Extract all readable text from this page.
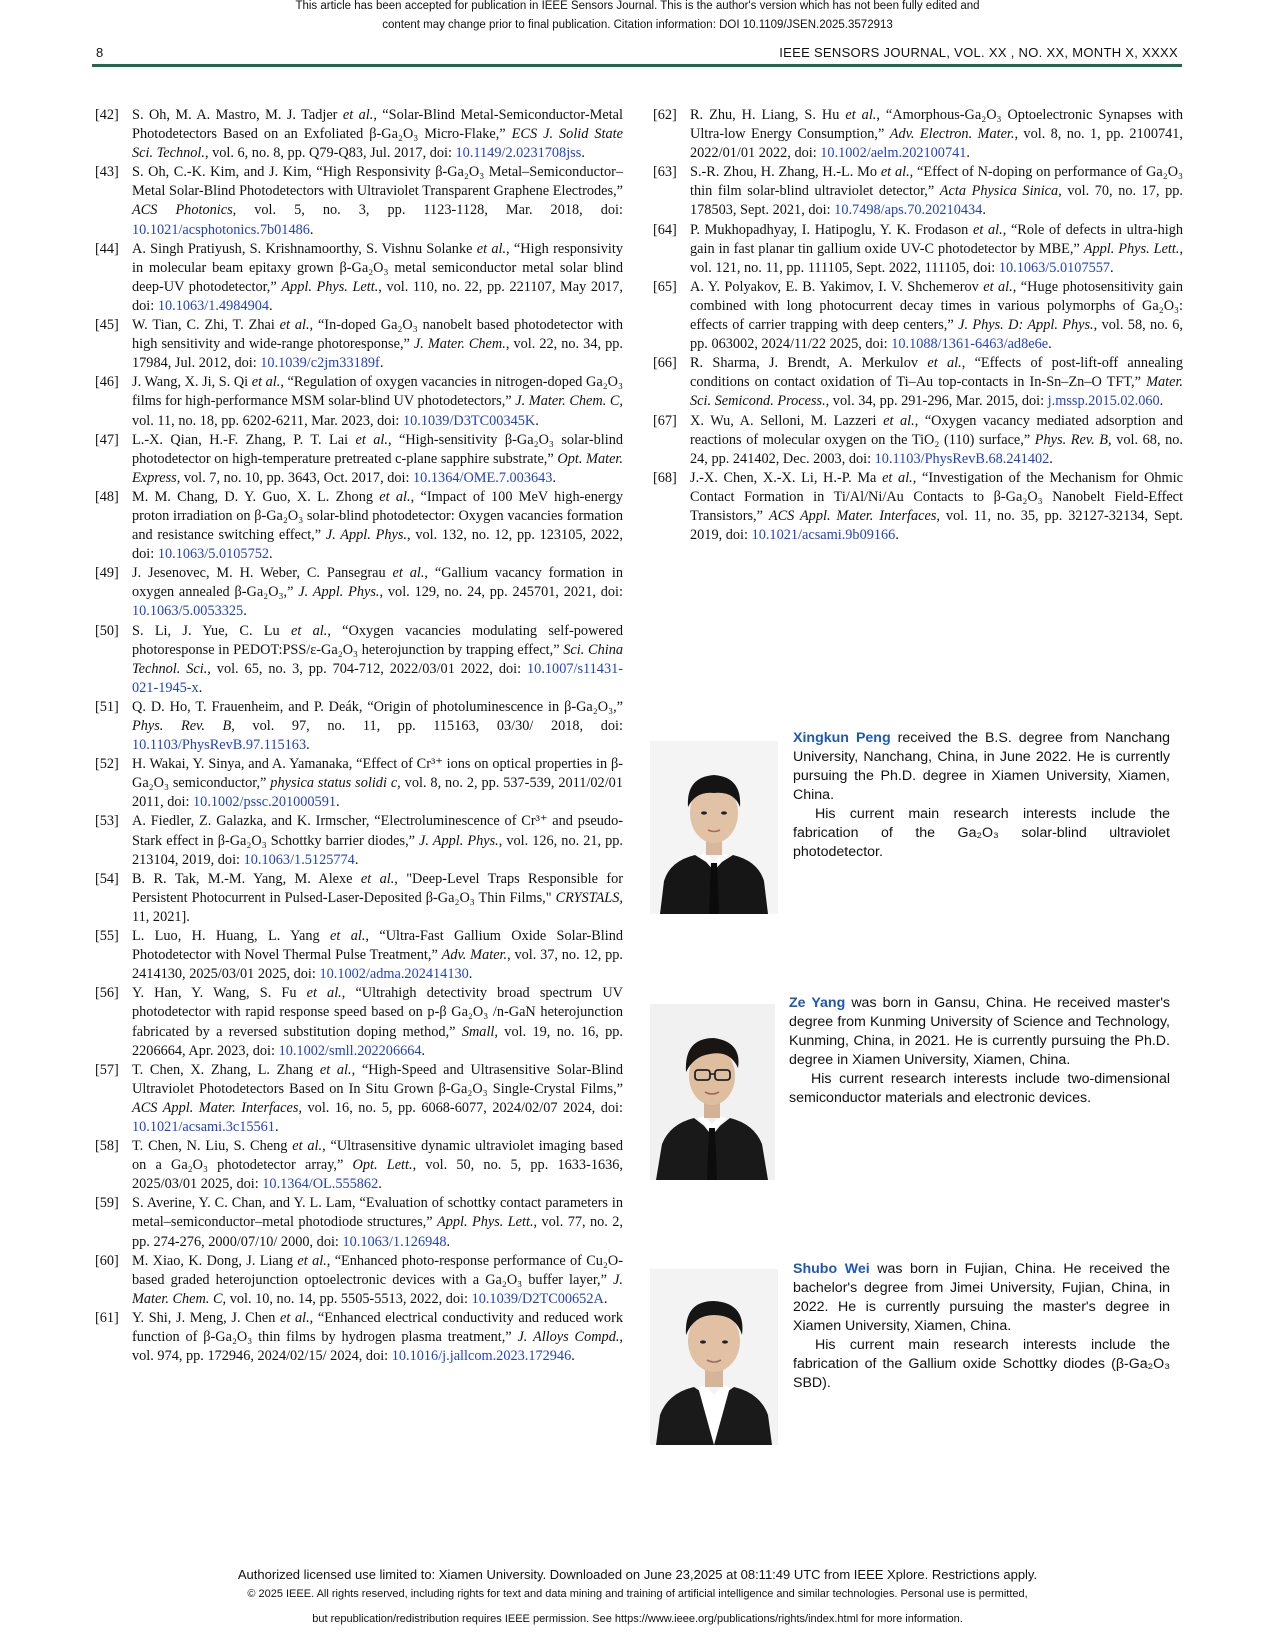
This article has been accepted for publication in IEEE Sensors Journal. This is the author's version which has not been fully edited and
content may change prior to final publication. Citation information: DOI 10.1109/JSEN.2025.3572913
8	IEEE SENSORS JOURNAL, VOL. XX , NO. XX, MONTH X, XXXX
[42] S. Oh, M. A. Mastro, M. J. Tadjer et al., “Solar-Blind Metal-Semiconductor-Metal Photodetectors Based on an Exfoliated β-Ga₂O₃ Micro-Flake,” ECS J. Solid State Sci. Technol., vol. 6, no. 8, pp. Q79-Q83, Jul. 2017, doi: 10.1149/2.0231708jss.
[43] S. Oh, C.-K. Kim, and J. Kim, “High Responsivity β-Ga₂O₃ Metal–Semiconductor–Metal Solar-Blind Photodetectors with Ultraviolet Transparent Graphene Electrodes,” ACS Photonics, vol. 5, no. 3, pp. 1123-1128, Mar. 2018, doi: 10.1021/acsphotonics.7b01486.
[44] A. Singh Pratiyush, S. Krishnamoorthy, S. Vishnu Solanke et al., “High responsivity in molecular beam epitaxy grown β-Ga₂O₃ metal semiconductor metal solar blind deep-UV photodetector,” Appl. Phys. Lett., vol. 110, no. 22, pp. 221107, May 2017, doi: 10.1063/1.4984904.
[45] W. Tian, C. Zhi, T. Zhai et al., “In-doped Ga₂O₃ nanobelt based photodetector with high sensitivity and wide-range photoresponse,” J. Mater. Chem., vol. 22, no. 34, pp. 17984, Jul. 2012, doi: 10.1039/c2jm33189f.
[46] J. Wang, X. Ji, S. Qi et al., “Regulation of oxygen vacancies in nitrogen-doped Ga₂O₃ films for high-performance MSM solar-blind UV photodetectors,” J. Mater. Chem. C, vol. 11, no. 18, pp. 6202-6211, Mar. 2023, doi: 10.1039/D3TC00345K.
[47] L.-X. Qian, H.-F. Zhang, P. T. Lai et al., “High-sensitivity β-Ga₂O₃ solar-blind photodetector on high-temperature pretreated c-plane sapphire substrate,” Opt. Mater. Express, vol. 7, no. 10, pp. 3643, Oct. 2017, doi: 10.1364/OME.7.003643.
[48] M. M. Chang, D. Y. Guo, X. L. Zhong et al., “Impact of 100 MeV high-energy proton irradiation on β-Ga₂O₃ solar-blind photodetector: Oxygen vacancies formation and resistance switching effect,” J. Appl. Phys., vol. 132, no. 12, pp. 123105, 2022, doi: 10.1063/5.0105752.
[49] J. Jesenovec, M. H. Weber, C. Pansegrau et al., “Gallium vacancy formation in oxygen annealed β-Ga₂O₃,” J. Appl. Phys., vol. 129, no. 24, pp. 245701, 2021, doi: 10.1063/5.0053325.
[50] S. Li, J. Yue, C. Lu et al., “Oxygen vacancies modulating self-powered photoresponse in PEDOT:PSS/ε-Ga₂O₃ heterojunction by trapping effect,” Sci. China Technol. Sci., vol. 65, no. 3, pp. 704-712, 2022/03/01 2022, doi: 10.1007/s11431-021-1945-x.
[51] Q. D. Ho, T. Frauenheim, and P. Deák, “Origin of photoluminescence in β-Ga₂O₃,” Phys. Rev. B, vol. 97, no. 11, pp. 115163, 03/30/ 2018, doi: 10.1103/PhysRevB.97.115163.
[52] H. Wakai, Y. Sinya, and A. Yamanaka, “Effect of Cr³⁺ ions on optical properties in β-Ga₂O₃ semiconductor,” physica status solidi c, vol. 8, no. 2, pp. 537-539, 2011/02/01 2011, doi: 10.1002/pssc.201000591.
[53] A. Fiedler, Z. Galazka, and K. Irmscher, “Electroluminescence of Cr³⁺ and pseudo-Stark effect in β-Ga₂O₃ Schottky barrier diodes,” J. Appl. Phys., vol. 126, no. 21, pp. 213104, 2019, doi: 10.1063/1.5125774.
[54] B. R. Tak, M.-M. Yang, M. Alexe et al., "Deep-Level Traps Responsible for Persistent Photocurrent in Pulsed-Laser-Deposited β-Ga₂O₃ Thin Films," CRYSTALS, 11, 2021].
[55] L. Luo, H. Huang, L. Yang et al., “Ultra-Fast Gallium Oxide Solar-Blind Photodetector with Novel Thermal Pulse Treatment,” Adv. Mater., vol. 37, no. 12, pp. 2414130, 2025/03/01 2025, doi: 10.1002/adma.202414130.
[56] Y. Han, Y. Wang, S. Fu et al., “Ultrahigh detectivity broad spectrum UV photodetector with rapid response speed based on p-β Ga₂O₃ /n-GaN heterojunction fabricated by a reversed substitution doping method,” Small, vol. 19, no. 16, pp. 2206664, Apr. 2023, doi: 10.1002/smll.202206664.
[57] T. Chen, X. Zhang, L. Zhang et al., “High-Speed and Ultrasensitive Solar-Blind Ultraviolet Photodetectors Based on In Situ Grown β-Ga₂O₃ Single-Crystal Films,” ACS Appl. Mater. Interfaces, vol. 16, no. 5, pp. 6068-6077, 2024/02/07 2024, doi: 10.1021/acsami.3c15561.
[58] T. Chen, N. Liu, S. Cheng et al., “Ultrasensitive dynamic ultraviolet imaging based on a Ga₂O₃ photodetector array,” Opt. Lett., vol. 50, no. 5, pp. 1633-1636, 2025/03/01 2025, doi: 10.1364/OL.555862.
[59] S. Averine, Y. C. Chan, and Y. L. Lam, “Evaluation of schottky contact parameters in metal–semiconductor–metal photodiode structures,” Appl. Phys. Lett., vol. 77, no. 2, pp. 274-276, 2000/07/10/ 2000, doi: 10.1063/1.126948.
[60] M. Xiao, K. Dong, J. Liang et al., “Enhanced photo-response performance of Cu₂O-based graded heterojunction optoelectronic devices with a Ga₂O₃ buffer layer,” J. Mater. Chem. C, vol. 10, no. 14, pp. 5505-5513, 2022, doi: 10.1039/D2TC00652A.
[61] Y. Shi, J. Meng, J. Chen et al., “Enhanced electrical conductivity and reduced work function of β-Ga₂O₃ thin films by hydrogen plasma treatment,” J. Alloys Compd., vol. 974, pp. 172946, 2024/02/15/ 2024, doi: 10.1016/j.jallcom.2023.172946.
[62] R. Zhu, H. Liang, S. Hu et al., “Amorphous-Ga₂O₃ Optoelectronic Synapses with Ultra-low Energy Consumption,” Adv. Electron. Mater., vol. 8, no. 1, pp. 2100741, 2022/01/01 2022, doi: 10.1002/aelm.202100741.
[63] S.-R. Zhou, H. Zhang, H.-L. Mo et al., “Effect of N-doping on performance of Ga₂O₃ thin film solar-blind ultraviolet detector,” Acta Physica Sinica, vol. 70, no. 17, pp. 178503, Sept. 2021, doi: 10.7498/aps.70.20210434.
[64] P. Mukhopadhyay, I. Hatipoglu, Y. K. Frodason et al., “Role of defects in ultra-high gain in fast planar tin gallium oxide UV-C photodetector by MBE,” Appl. Phys. Lett., vol. 121, no. 11, pp. 111105, Sept. 2022, 111105, doi: 10.1063/5.0107557.
[65] A. Y. Polyakov, E. B. Yakimov, I. V. Shchemerov et al., “Huge photosensitivity gain combined with long photocurrent decay times in various polymorphs of Ga₂O₃: effects of carrier trapping with deep centers,” J. Phys. D: Appl. Phys., vol. 58, no. 6, pp. 063002, 2024/11/22 2025, doi: 10.1088/1361-6463/ad8e6e.
[66] R. Sharma, J. Brendt, A. Merkulov et al., “Effects of post-lift-off annealing conditions on contact oxidation of Ti–Au top-contacts in In-Sn–Zn–O TFT,” Mater. Sci. Semicond. Process., vol. 34, pp. 291-296, Mar. 2015, doi: j.mssp.2015.02.060.
[67] X. Wu, A. Selloni, M. Lazzeri et al., “Oxygen vacancy mediated adsorption and reactions of molecular oxygen on the TiO₂ (110) surface,” Phys. Rev. B, vol. 68, no. 24, pp. 241402, Dec. 2003, doi: 10.1103/PhysRevB.68.241402.
[68] J.-X. Chen, X.-X. Li, H.-P. Ma et al., “Investigation of the Mechanism for Ohmic Contact Formation in Ti/Al/Ni/Au Contacts to β-Ga₂O₃ Nanobelt Field-Effect Transistors,” ACS Appl. Mater. Interfaces, vol. 11, no. 35, pp. 32127-32134, Sept. 2019, doi: 10.1021/acsami.9b09166.

Xingkun Peng received the B.S. degree from Nanchang University, Nanchang, China, in June 2022. He is currently pursuing the Ph.D. degree in Xiamen University, Xiamen, China.

His current main research interests include the fabrication of the Ga₂O₃ solar-blind ultraviolet photodetector.

Ze Yang was born in Gansu, China. He received master's degree from Kunming University of Science and Technology, Kunming, China, in 2021. He is currently pursuing the Ph.D. degree in Xiamen University, Xiamen, China.

His current research interests include two-dimensional semiconductor materials and electronic devices.

Shubo Wei was born in Fujian, China. He received the bachelor's degree from Jimei University, Fujian, China, in 2022. He is currently pursuing the master's degree in Xiamen University, Xiamen, China.

His current main research interests include the fabrication of the Gallium oxide Schottky diodes (β-Ga₂O₃ SBD).

Authorized licensed use limited to: Xiamen University. Downloaded on June 23,2025 at 08:11:49 UTC from IEEE Xplore. Restrictions apply.
© 2025 IEEE. All rights reserved, including rights for text and data mining and training of artificial intelligence and similar technologies. Personal use is permitted,
but republication/redistribution requires IEEE permission. See https://www.ieee.org/publications/rights/index.html for more information.
